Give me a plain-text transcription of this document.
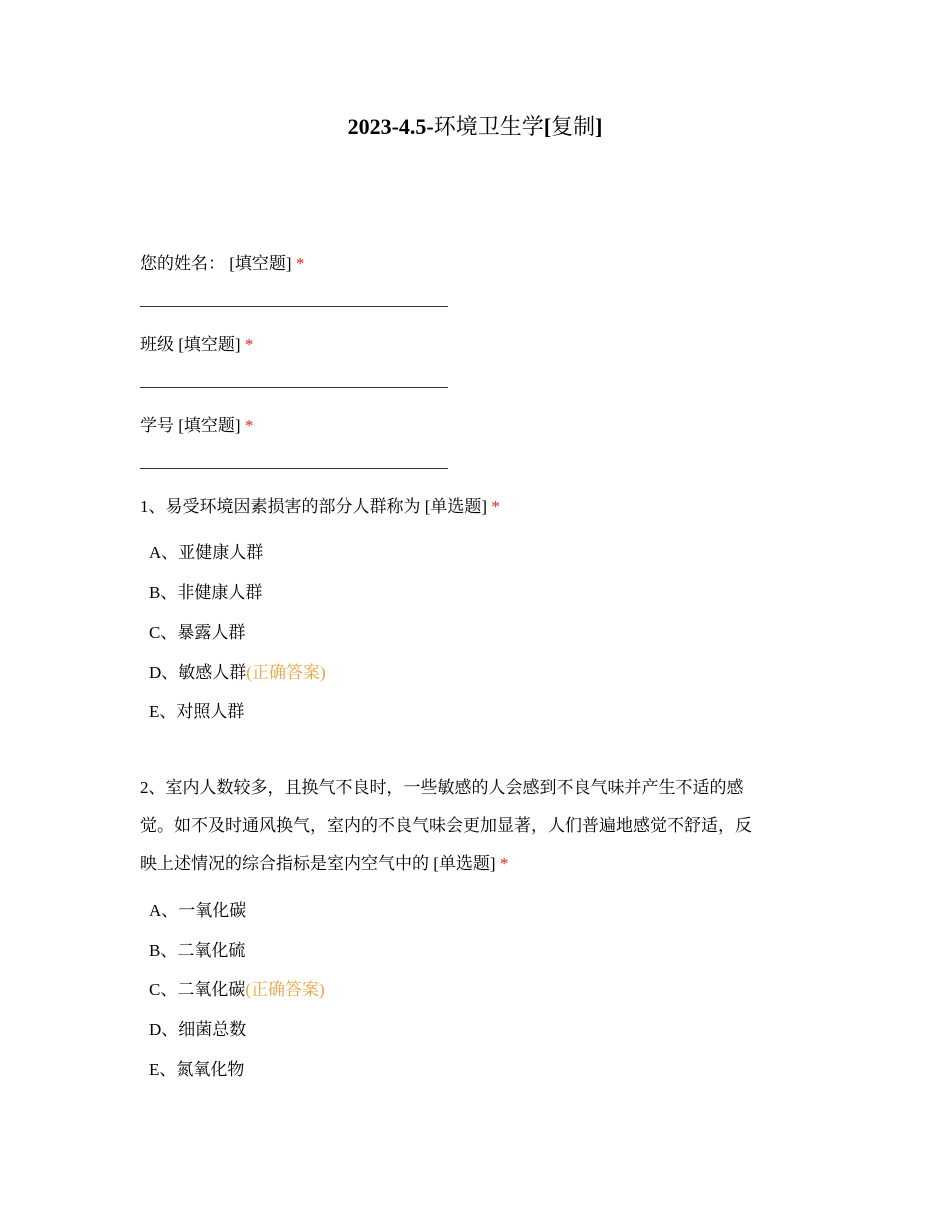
2023-4.5-环境卫生学[复制]
您的姓名： [填空题] *
班级 [填空题] *
学号 [填空题] *
1、易受环境因素损害的部分人群称为 [单选题] *
A、亚健康人群
B、非健康人群
C、暴露人群
D、敏感人群(正确答案)
E、对照人群
2、室内人数较多，且换气不良时，一些敏感的人会感到不良气味并产生不适的感
觉。如不及时通风换气，室内的不良气味会更加显著，人们普遍地感觉不舒适，反
映上述情况的综合指标是室内空气中的 [单选题] *
A、一氧化碳
B、二氧化硫
C、二氧化碳(正确答案)
D、细菌总数
E、氮氧化物
